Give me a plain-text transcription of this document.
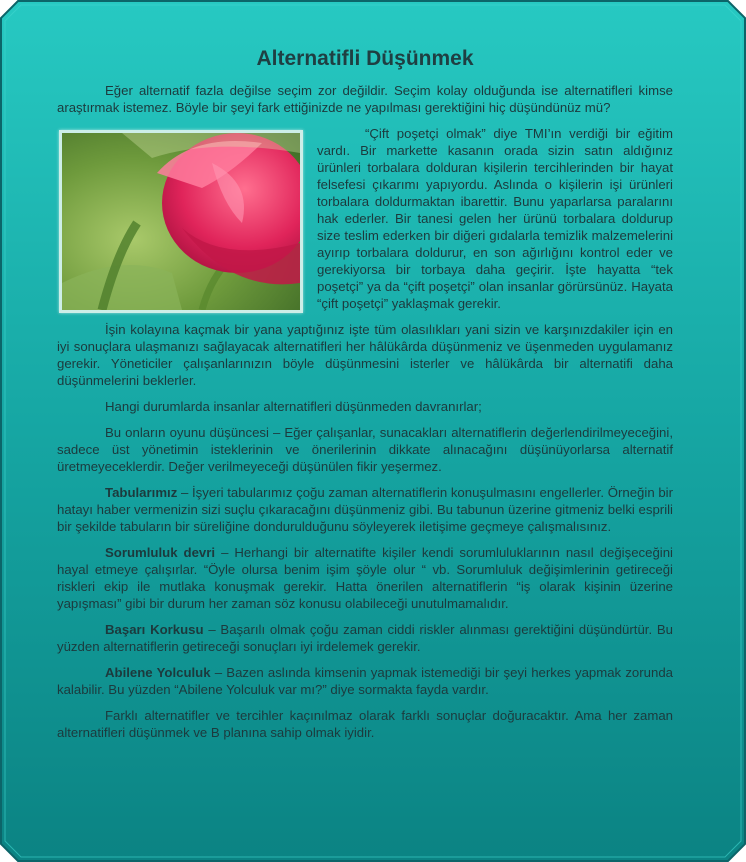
Alternatifli Düşünmek

Eğer alternatif fazla değilse seçim zor değildir. Seçim kolay olduğunda ise alternatifleri kimse araştırmak istemez. Böyle bir şeyi fark ettiğinizde ne yapılması gerektiğini hiç düşündünüz mü?

“Çift poşetçi olmak” diye TMI’ın verdiği bir eğitim vardı. Bir markette kasanın orada sizin satın aldığınız ürünleri torbalara dolduran kişilerin tercihlerinden bir hayat felsefesi çıkarımı yapıyordu. Aslında o kişilerin işi ürünleri torbalara doldurmaktan ibarettir. Bunu yaparlarsa paralarını hak ederler. Bir tanesi gelen her ürünü torbalara doldurup size teslim ederken bir diğeri gıdalarla temizlik malzemelerini ayırıp torbalara doldurur, en son ağırlığını kontrol eder ve gerekiyorsa bir torbaya daha geçirir. İşte hayatta “tek poşetçi” ya da “çift poşetçi” olan insanlar görürsünüz. Hayata “çift poşetçi” yaklaşmak gerekir.

İşin kolayına kaçmak bir yana yaptığınız işte tüm olasılıkları yani sizin ve karşınızdakiler için en iyi sonuçlara ulaşmanızı sağlayacak alternatifleri her hâlükârda düşünmeniz ve üşenmeden uygulamanız gerekir. Yöneticiler çalışanlarınızın böyle düşünmesini isterler ve hâlükârda bir alternatifi daha düşünmelerini beklerler.

Hangi durumlarda insanlar alternatifleri düşünmeden davranırlar;

Bu onların oyunu düşüncesi – Eğer çalışanlar, sunacakları alternatiflerin değerlendirilmeyeceğini, sadece üst yönetimin isteklerinin ve önerilerinin dikkate alınacağını düşünüyorlarsa alternatif üretmeyeceklerdir. Değer verilmeyeceği düşünülen fikir yeşermez.

Tabularımız – İşyeri tabularımız çoğu zaman alternatiflerin konuşulmasını engellerler. Örneğin bir hatayı haber vermenizin sizi suçlu çıkaracağını düşünmeniz gibi. Bu tabunun üzerine gitmeniz belki esprili bir şekilde tabuların bir süreliğine dondurulduğunu söyleyerek iletişime geçmeye çalışmalısınız.

Sorumluluk devri – Herhangi bir alternatifte kişiler kendi sorumluluklarının nasıl değişeceğini hayal etmeye çalışırlar. “Öyle olursa benim işim şöyle olur “ vb. Sorumluluk değişimlerinin getireceği riskleri ekip ile mutlaka konuşmak gerekir. Hatta önerilen alternatiflerin “iş olarak kişinin üzerine yapışması” gibi bir durum her zaman söz konusu olabileceği unutulmamalıdır.

Başarı Korkusu – Başarılı olmak çoğu zaman ciddi riskler alınması gerektiğini düşündürtür. Bu yüzden alternatiflerin getireceği sonuçları iyi irdelemek gerekir.

Abilene Yolculuk – Bazen aslında kimsenin yapmak istemediği bir şeyi herkes yapmak zorunda kalabilir. Bu yüzden “Abilene Yolculuk var mı?” diye sormakta fayda vardır.

Farklı alternatifler ve tercihler kaçınılmaz olarak farklı sonuçlar doğuracaktır. Ama her zaman alternatifleri düşünmek ve B planına sahip olmak iyidir.
